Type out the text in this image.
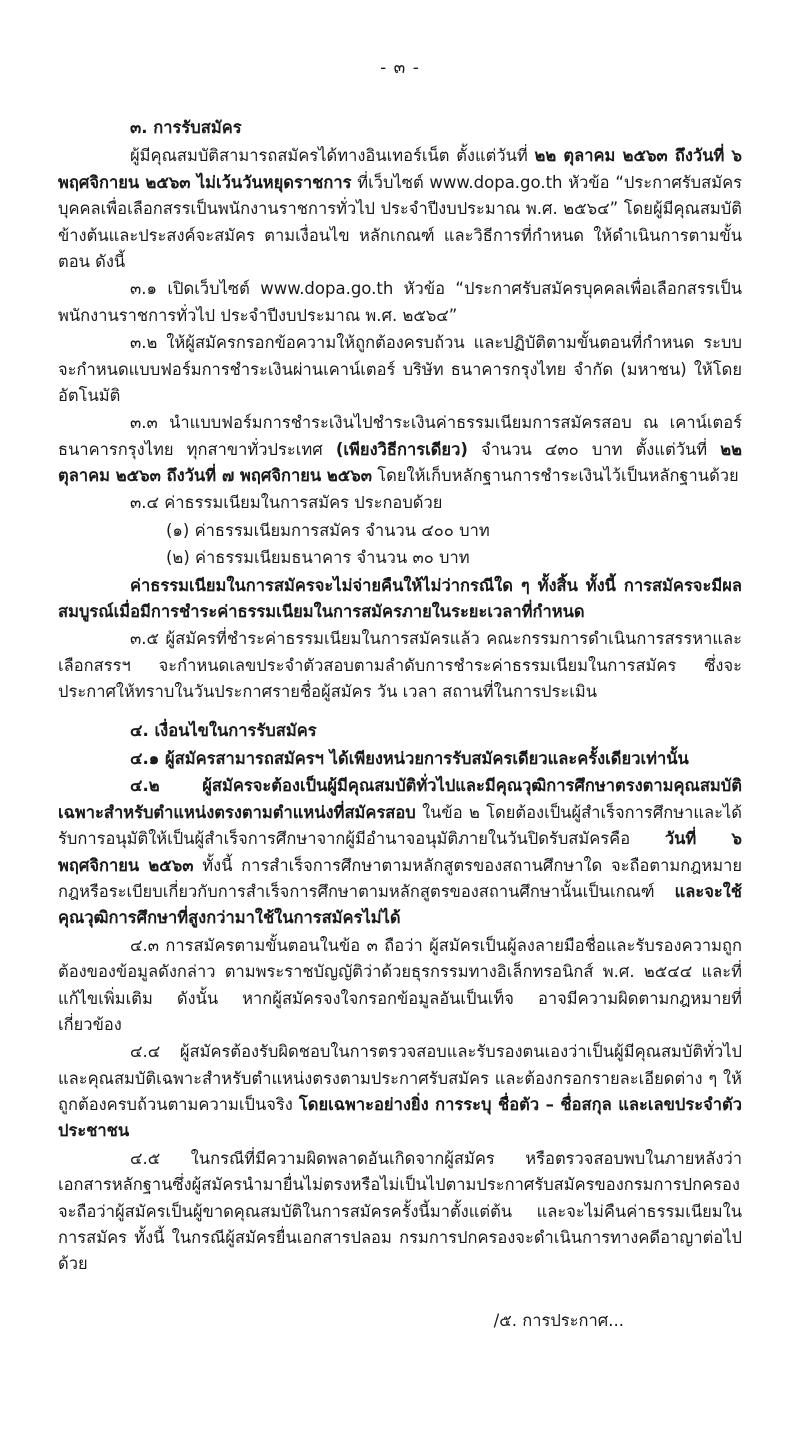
- ๓ -

๓. การรับสมัคร

ผู้มีคุณสมบัติสามารถสมัครได้ทางอินเทอร์เน็ต ตั้งแต่วันที่ ๒๒ ตุลาคม ๒๕๖๓ ถึงวันที่ ๖ พฤศจิกายน ๒๕๖๓ ไม่เว้นวันหยุดราชการ ที่เว็บไซต์ www.dopa.go.th หัวข้อ “ประกาศรับสมัครบุคคลเพื่อเลือกสรรเป็นพนักงานราชการทั่วไป ประจำปีงบประมาณ พ.ศ. ๒๕๖๔” โดยผู้มีคุณสมบัติข้างต้นและประสงค์จะสมัคร ตามเงื่อนไข หลักเกณฑ์ และวิธีการที่กำหนด ให้ดำเนินการตามขั้นตอน ดังนี้

๓.๑ เปิดเว็บไซต์ www.dopa.go.th หัวข้อ “ประกาศรับสมัครบุคคลเพื่อเลือกสรรเป็นพนักงานราชการทั่วไป ประจำปีงบประมาณ พ.ศ. ๒๕๖๔”

๓.๒ ให้ผู้สมัครกรอกข้อความให้ถูกต้องครบถ้วน และปฏิบัติตามขั้นตอนที่กำหนด ระบบจะกำหนดแบบฟอร์มการชำระเงินผ่านเคาน์เตอร์ บริษัท ธนาคารกรุงไทย จำกัด (มหาชน) ให้โดยอัตโนมัติ

๓.๓ นำแบบฟอร์มการชำระเงินไปชำระเงินค่าธรรมเนียมการสมัครสอบ ณ เคาน์เตอร์ธนาคารกรุงไทย ทุกสาขาทั่วประเทศ (เพียงวิธีการเดียว) จำนวน ๔๓๐ บาท ตั้งแต่วันที่ ๒๒ ตุลาคม ๒๕๖๓ ถึงวันที่ ๗ พฤศจิกายน ๒๕๖๓ โดยให้เก็บหลักฐานการชำระเงินไว้เป็นหลักฐานด้วย

๓.๔ ค่าธรรมเนียมในการสมัคร ประกอบด้วย

(๑) ค่าธรรมเนียมการสมัคร จำนวน ๔๐๐ บาท

(๒) ค่าธรรมเนียมธนาคาร จำนวน ๓๐ บาท

ค่าธรรมเนียมในการสมัครจะไม่จ่ายคืนให้ไม่ว่ากรณีใด ๆ ทั้งสิ้น ทั้งนี้ การสมัครจะมีผลสมบูรณ์เมื่อมีการชำระค่าธรรมเนียมในการสมัครภายในระยะเวลาที่กำหนด

๓.๕ ผู้สมัครที่ชำระค่าธรรมเนียมในการสมัครแล้ว คณะกรรมการดำเนินการสรรหาและเลือกสรรฯ จะกำหนดเลขประจำตัวสอบตามลำดับการชำระค่าธรรมเนียมในการสมัคร ซึ่งจะประกาศให้ทราบในวันประกาศรายชื่อผู้สมัคร วัน เวลา สถานที่ในการประเมิน

๔. เงื่อนไขในการรับสมัคร

๔.๑ ผู้สมัครสามารถสมัครฯ ได้เพียงหน่วยการรับสมัครเดียวและครั้งเดียวเท่านั้น

๔.๒ ผู้สมัครจะต้องเป็นผู้มีคุณสมบัติทั่วไปและมีคุณวุฒิการศึกษาตรงตามคุณสมบัติเฉพาะสำหรับตำแหน่งตรงตามตำแหน่งที่สมัครสอบ ในข้อ ๒ โดยต้องเป็นผู้สำเร็จการศึกษาและได้รับการอนุมัติให้เป็นผู้สำเร็จการศึกษาจากผู้มีอำนาจอนุมัติภายในวันปิดรับสมัครคือ วันที่ ๖ พฤศจิกายน ๒๕๖๓ ทั้งนี้ การสำเร็จการศึกษาตามหลักสูตรของสถานศึกษาใด จะถือตามกฎหมาย กฎหรือระเบียบเกี่ยวกับการสำเร็จการศึกษาตามหลักสูตรของสถานศึกษานั้นเป็นเกณฑ์ และจะใช้คุณวุฒิการศึกษาที่สูงกว่ามาใช้ในการสมัครไม่ได้

๔.๓ การสมัครตามขั้นตอนในข้อ ๓ ถือว่า ผู้สมัครเป็นผู้ลงลายมือชื่อและรับรองความถูกต้องของข้อมูลดังกล่าว ตามพระราชบัญญัติว่าด้วยธุรกรรมทางอิเล็กทรอนิกส์ พ.ศ. ๒๕๔๔ และที่แก้ไขเพิ่มเติม ดังนั้น หากผู้สมัครจงใจกรอกข้อมูลอันเป็นเท็จ อาจมีความผิดตามกฎหมายที่เกี่ยวข้อง

๔.๔ ผู้สมัครต้องรับผิดชอบในการตรวจสอบและรับรองตนเองว่าเป็นผู้มีคุณสมบัติทั่วไปและคุณสมบัติเฉพาะสำหรับตำแหน่งตรงตามประกาศรับสมัคร และต้องกรอกรายละเอียดต่าง ๆ ให้ถูกต้องครบถ้วนตามความเป็นจริง โดยเฉพาะอย่างยิ่ง การระบุ ชื่อตัว – ชื่อสกุล และเลขประจำตัวประชาชน

๔.๕ ในกรณีที่มีความผิดพลาดอันเกิดจากผู้สมัคร หรือตรวจสอบพบในภายหลังว่าเอกสารหลักฐานซึ่งผู้สมัครนำมายื่นไม่ตรงหรือไม่เป็นไปตามประกาศรับสมัครของกรมการปกครอง จะถือว่าผู้สมัครเป็นผู้ขาดคุณสมบัติในการสมัครครั้งนี้มาตั้งแต่ต้น และจะไม่คืนค่าธรรมเนียมในการสมัคร ทั้งนี้ ในกรณีผู้สมัครยื่นเอกสารปลอม กรมการปกครองจะดำเนินการทางคดีอาญาต่อไปด้วย

/๕. การประกาศ...
